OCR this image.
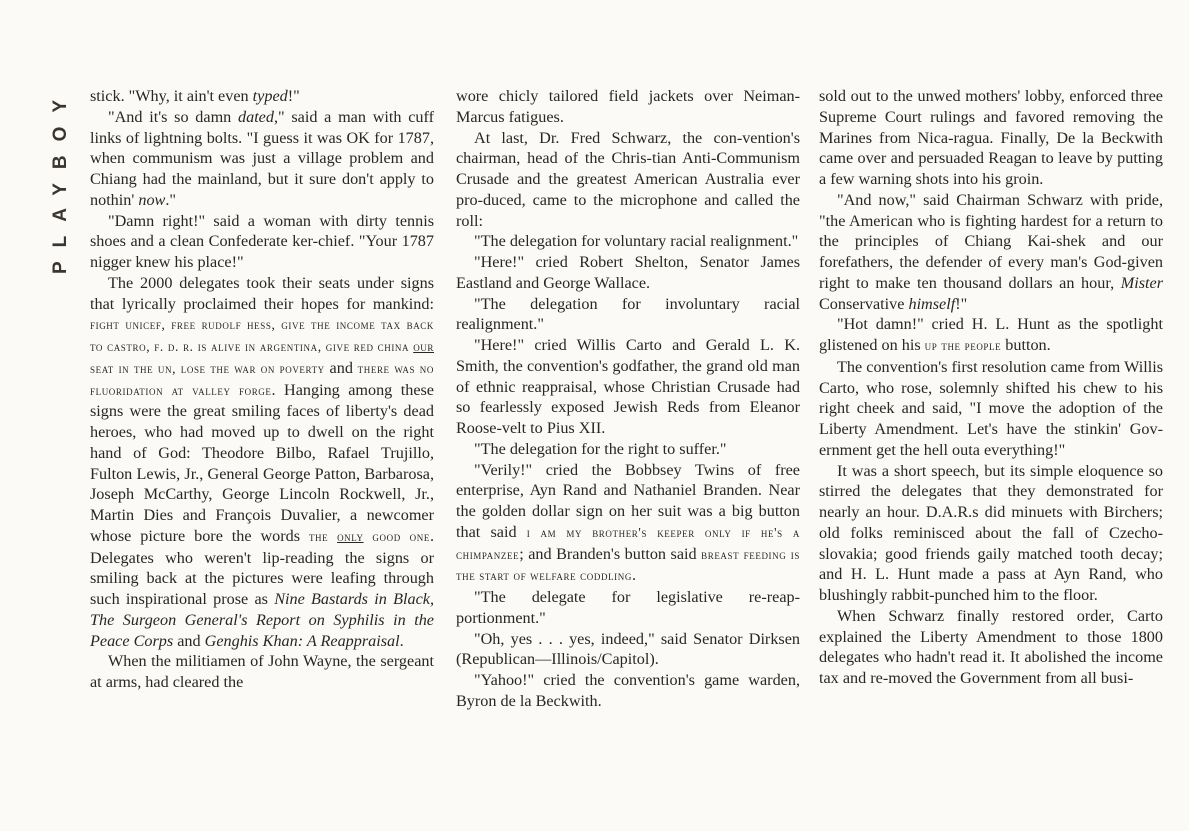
PLAYBOY stick. "Why, it ain't even typed!"

"And it's so damn dated," said a man with cuff links of lightning bolts. "I guess it was OK for 1787, when communism was just a village problem and Chiang had the mainland, but it sure don't apply to nothin' now."

"Damn right!" said a woman with dirty tennis shoes and a clean Confederate ker-chief. "Your 1787 nigger knew his place!"

The 2000 delegates took their seats under signs that lyrically proclaimed their hopes for mankind: fight unicef, free rudolf hess, give the income tax back to castro, f. d. r. is alive in argentina, give red china our seat in the un, lose the war on poverty and there was no fluoridation at valley forge. Hanging among these signs were the great smiling faces of liberty's dead heroes, who had moved up to dwell on the right hand of God: Theodore Bilbo, Rafael Trujillo, Fulton Lewis, Jr., General George Patton, Barbarosa, Joseph McCarthy, George Lincoln Rockwell, Jr., Martin Dies and François Duvalier, a newcomer whose picture bore the words the only good one. Delegates who weren't lip-reading the signs or smiling back at the pictures were leafing through such inspirational prose as Nine Bastards in Black, The Surgeon General's Report on Syphilis in the Peace Corps and Genghis Khan: A Reappraisal.

When the militiamen of John Wayne, the sergeant at arms, had cleared the

wore chicly tailored field jackets over Neiman-Marcus fatigues.

At last, Dr. Fred Schwarz, the con-vention's chairman, head of the Chris-tian Anti-Communism Crusade and the greatest American Australia ever pro-duced, came to the microphone and called the roll:

"The delegation for voluntary racial realignment."

"Here!" cried Robert Shelton, Senator James Eastland and George Wallace.

"The delegation for involuntary racial realignment."

"Here!" cried Willis Carto and Gerald L. K. Smith, the convention's godfather, the grand old man of ethnic reappraisal, whose Christian Crusade had so fearlessly exposed Jewish Reds from Eleanor Roose-velt to Pius XII.

"The delegation for the right to suffer."

"Verily!" cried the Bobbsey Twins of free enterprise, Ayn Rand and Nathaniel Branden. Near the golden dollar sign on her suit was a big button that said i am my brother's keeper only if he's a chimpanzee; and Branden's button said breast feeding is the start of welfare coddling.

"The delegate for legislative re-reap-portionment."

"Oh, yes . . . yes, indeed," said Senator Dirksen (Republican—Illinois/Capitol).

"Yahoo!" cried the convention's game warden, Byron de la Beckwith.

sold out to the unwed mothers' lobby, enforced three Supreme Court rulings and favored removing the Marines from Nica-ragua. Finally, De la Beckwith came over and persuaded Reagan to leave by putting a few warning shots into his groin.

"And now," said Chairman Schwarz with pride, "the American who is fighting hardest for a return to the principles of Chiang Kai-shek and our forefathers, the defender of every man's God-given right to make ten thousand dollars an hour, Mister Conservative himself!"

"Hot damn!" cried H. L. Hunt as the spotlight glistened on his up the people button.

The convention's first resolution came from Willis Carto, who rose, solemnly shifted his chew to his right cheek and said, "I move the adoption of the Liberty Amendment. Let's have the stinkin' Gov-ernment get the hell outa everything!"

It was a short speech, but its simple eloquence so stirred the delegates that they demonstrated for nearly an hour. D.A.R.s did minuets with Birchers; old folks reminisced about the fall of Czecho-slovakia; good friends gaily matched tooth decay; and H. L. Hunt made a pass at Ayn Rand, who blushingly rabbit-punched him to the floor.

When Schwarz finally restored order, Carto explained the Liberty Amendment to those 1800 delegates who hadn't read it. It abolished the income tax and re-moved the Government from all busi-
